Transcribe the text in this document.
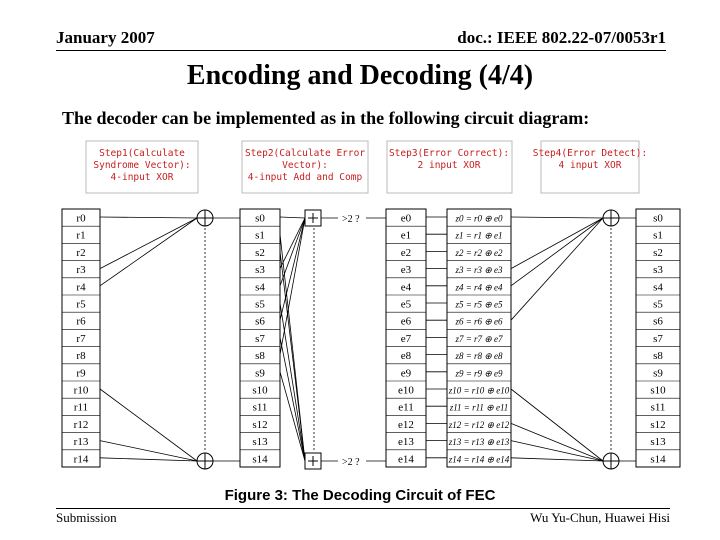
January 2007	doc.: IEEE 802.22-07/0053r1
Encoding and Decoding (4/4)
The decoder can be implemented as in the following circuit diagram:
Step1(Calculate Syndrome Vector): 4-input XOR
Step2(Calculate Error Vector): 4-input Add and Comp
Step3(Error Correct): 2 input XOR
Step4(Error Detect): 4 input XOR
r0
r1
r2
r3
r4
r5
r6
r7
r8
r9
r10
r11
r12
r13
r14
s0
s1
s2
s3
s4
s5
s6
s7
s8
s9
s10
s11
s12
s13
s14
e0
e1
e2
e3
e4
e5
e6
e7
e8
e9
e10
e11
e12
e13
e14
z0 = r0 ⊕ e0
z1 = r1 ⊕ e1
z2 = r2 ⊕ e2
z3 = r3 ⊕ e3
z4 = r4 ⊕ e4
z5 = r5 ⊕ e5
z6 = r6 ⊕ e6
z7 = r7 ⊕ e7
z8 = r8 ⊕ e8
z9 = r9 ⊕ e9
z10 = r10 ⊕ e10
z11 = r11 ⊕ e11
z12 = r12 ⊕ e12
z13 = r13 ⊕ e13
z14 = r14 ⊕ e14
s0
s1
s2
s3
s4
s5
s6
s7
s8
s9
s10
s11
s12
s13
s14
>2 ?
>2 ?
Figure 3: The Decoding Circuit of FEC
Submission	Wu Yu-Chun, Huawei Hisi
